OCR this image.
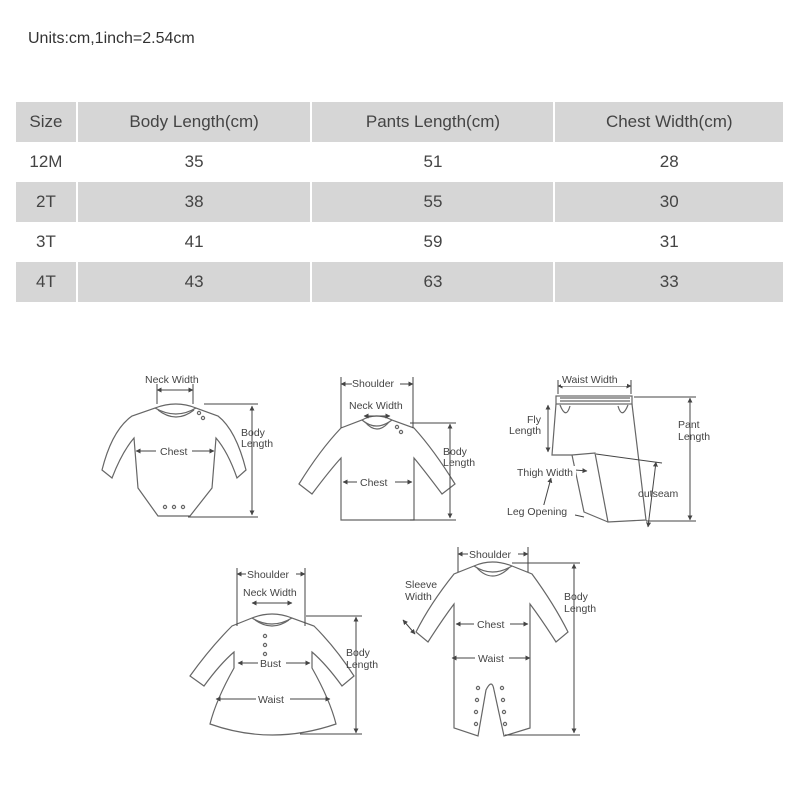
Units:cm,1inch=2.54cm
Size	Body Length(cm)	Pants Length(cm)	Chest Width(cm)
12M	35	51	28
2T	38	55	30
3T	41	59	31
4T	43	63	33
Neck Width
Chest
Body
Length
Shoulder
Neck Width
Chest
Body
Length
Waist Width
Fly
Length	Pant
Length
Thigh Width
outseam
Leg Opening
Shoulder
Neck Width
Bust
Waist
Body
Length
Shoulder
Sleeve
Width
Chest
Waist
Body
Length
